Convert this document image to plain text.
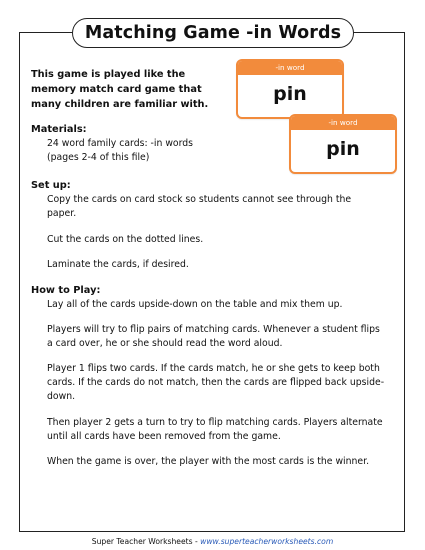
Matching Game -in Words
This game is played like the memory match card game that many children are familiar with.
-in word
pin
-in word
pin
Materials:
24 word family cards: -in words
(pages 2-4 of this file)
Set up:
Copy the cards on card stock so students cannot see through the paper.
Cut the cards on the dotted lines.
Laminate the cards, if desired.
How to Play:
Lay all of the cards upside-down on the table and mix them up.
Players will try to flip pairs of matching cards. Whenever a student flips a card over, he or she should read the word aloud.
Player 1 flips two cards. If the cards match, he or she gets to keep both cards. If the cards do not match, then the cards are flipped back upside-down.
Then player 2 gets a turn to try to flip matching cards. Players alternate until all cards have been removed from the game.
When the game is over, the player with the most cards is the winner.
Super Teacher Worksheets - www.superteacherworksheets.com
